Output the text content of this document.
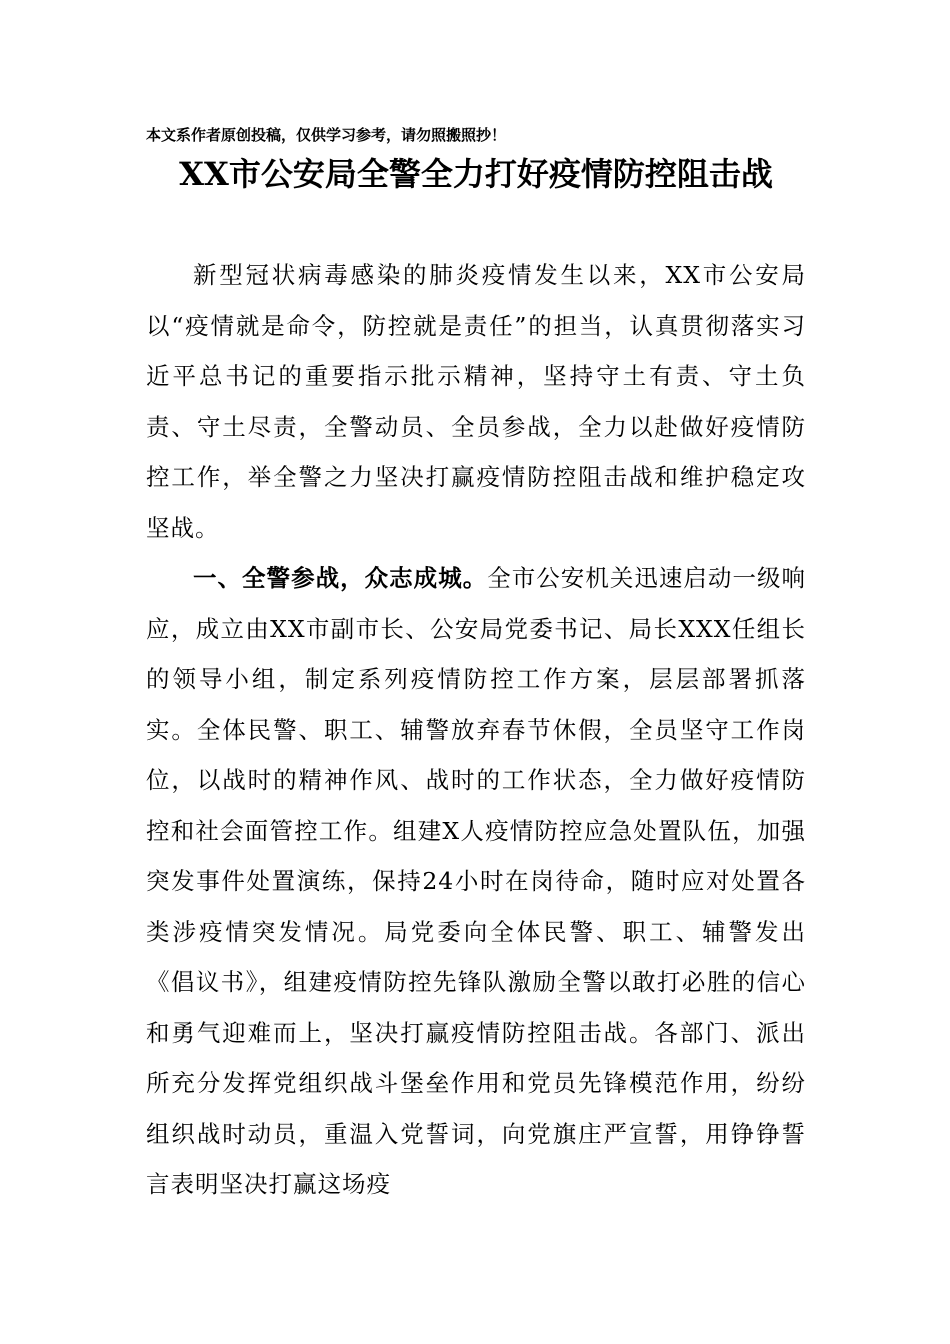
本文系作者原创投稿，仅供学习参考，请勿照搬照抄！
XX市公安局全警全力打好疫情防控阻击战

新型冠状病毒感染的肺炎疫情发生以来，XX市公安局以“疫情就是命令，防控就是责任”的担当，认真贯彻落实习近平总书记的重要指示批示精神，坚持守土有责、守土负责、守土尽责，全警动员、全员参战，全力以赴做好疫情防控工作，举全警之力坚决打赢疫情防控阻击战和维护稳定攻坚战。

一、全警参战，众志成城。全市公安机关迅速启动一级响应，成立由XX市副市长、公安局党委书记、局长XXX任组长的领导小组，制定系列疫情防控工作方案，层层部署抓落实。全体民警、职工、辅警放弃春节休假，全员坚守工作岗位，以战时的精神作风、战时的工作状态，全力做好疫情防控和社会面管控工作。组建X人疫情防控应急处置队伍，加强突发事件处置演练，保持24小时在岗待命，随时应对处置各类涉疫情突发情况。局党委向全体民警、职工、辅警发出《倡议书》，组建疫情防控先锋队激励全警以敢打必胜的信心和勇气迎难而上，坚决打赢疫情防控阻击战。各部门、派出所充分发挥党组织战斗堡垒作用和党员先锋模范作用，纷纷组织战时动员，重温入党誓词，向党旗庄严宣誓，用铮铮誓言表明坚决打赢这场疫
